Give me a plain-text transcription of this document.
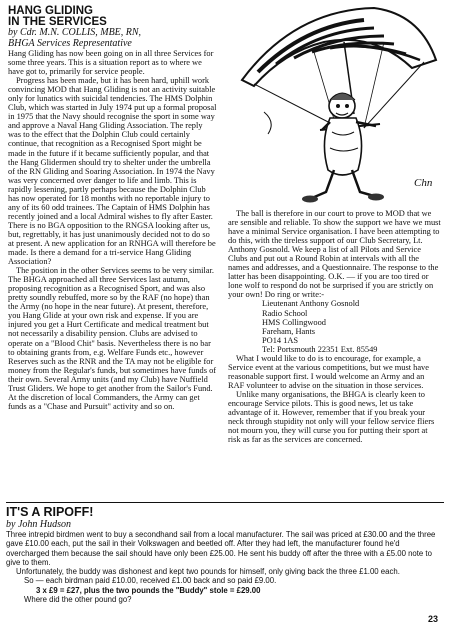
HANG GLIDING

IN THE SERVICES

by Cdr. M.N. COLLIS, MBE, RN,
BHGA Services Representative

Hang Gliding has now been going on in all three Services for some three years. This is a situation report as to where we have got to, primarily for service people.

Progress has been made, but it has been hard, uphill work convincing MOD that Hang Gliding is not an activity suitable only for lunatics with suicidal tendencies. The HMS Dolphin Club, which was started in July 1974 put up a formal proposal in 1975 that the Navy should recognise the sport in some way and approve a Naval Hang Gliding Association. The reply was to the effect that the Dolphin Club could certainly continue, that recognition as a Recognised Sport might be made in the future if it became sufficiently popular, and that the Hang Glidermen should try to shelter under the umbrella of the RN Gliding and Soaring Association. In 1974 the Navy was very concerned over danger to life and limb. This is rapidly lessening, partly perhaps because the Dolphin Club has now operated for 18 months with no reportable injury to any of its 60 odd trainees. The Captain of HMS Dolphin has recently joined and a local Admiral wishes to fly after Easter. There is no BGA opposition to the RNGSA looking after us, but, regrettably, it has just unanimously decided not to do so at present. A new application for an RNHGA will therefore be made. Is there a demand for a tri-service Hang Gliding Association?

The position in the other Services seems to be very similar. The BHGA approached all three Services last autumn, proposing recognition as a Recognised Sport, and was also pretty soundly rebuffed, more so by the RAF (no hope) than the Army (no hope in the near future). At present, therefore, you Hang Glide at your own risk and expense. If you are injured you get a Hurt Certificate and medical treatment but not necessarily a disability pension. Clubs are advised to operate on a "Blood Chit" basis. Nevertheless there is no bar to obtaining grants from, e.g. Welfare Funds etc., however Reserves such as the RNR and the TA may not be eligible for money from the Regular's funds, but sometimes have funds of their own. Several Army units (and my Club) have Nuffield Trust Gliders. We hope to get another from the Sailor's Fund. At the discretion of local Commanders, the Army can get funds as a "Chase and Pursuit" activity and so on.

Chn

The ball is therefore in our court to prove to MOD that we are sensible and reliable. To show the support we have we must have a minimal Service organisation. I have been attempting to do this, with the tireless support of our Club Secretary, Lt. Anthony Gosnold. We keep a list of all Pilots and Service Clubs and put out a Round Robin at intervals with all the names and addresses, and a Questionnaire. The response to the latter has been disappointing. O.K. — if you are too tired or lone wolf to respond do not be surprised if you are strictly on your own! Do ring or write:-

Lieutenant Anthony Gosnold

Radio School

HMS Collingwood

Fareham, Hants

PO14 1AS

Tel: Portsmouth 22351 Ext. 85549

What I would like to do is to encourage, for example, a Service event at the various competitions, but we must have reasonable support first. I would welcome an Army and an RAF volunteer to advise on the situation in those services.

Unlike many organisations, the BHGA is clearly keen to encourage Service pilots. This is good news, let us take advantage of it. However, remember that if you break your neck through stupidity not only will your fellow service fliers not mourn you, they will curse you for putting their sport at risk as far as the services are concerned.

IT'S A RIPOFF!

by John Hudson

Three intrepid birdmen went to buy a secondhand sail from a local manufacturer. The sail was priced at £30.00 and the three gave £10.00 each, put the sail in their Volkswagen and beetled off. After they had left, the manufacturer found he'd overcharged them because the sail should have only been £25.00. He sent his buddy off after the three with a £5.00 note to give to them.

Unfortunately, the buddy was dishonest and kept two pounds for himself, only giving back the three £1.00 each.

So — each birdman paid £10.00, received £1.00 back and so paid £9.00.

3 x £9 = £27, plus the two pounds the "Buddy" stole = £29.00

Where did the other pound go?

23
